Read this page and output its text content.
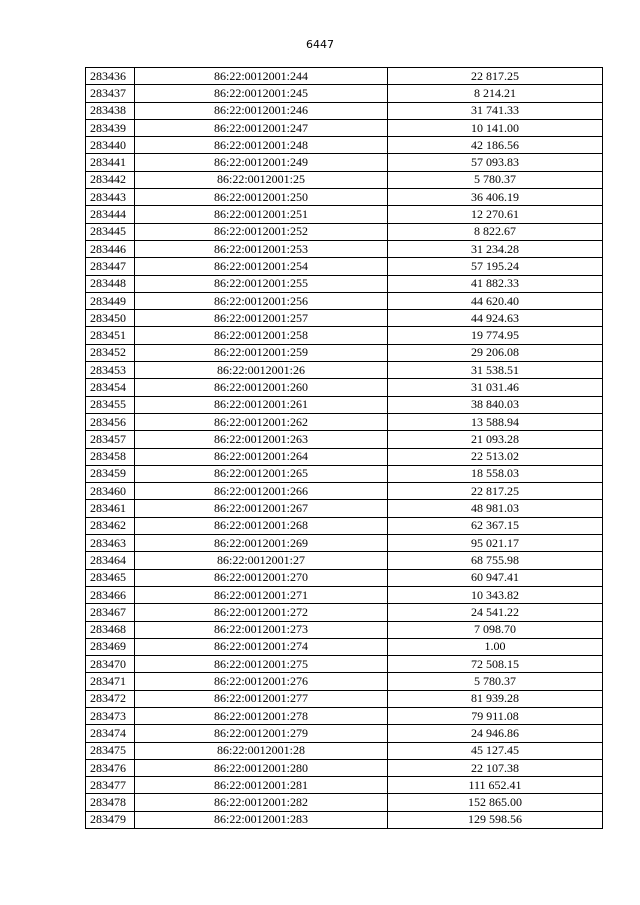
6447
283436	86:22:0012001:244	22 817.25
283437	86:22:0012001:245	8 214.21
283438	86:22:0012001:246	31 741.33
283439	86:22:0012001:247	10 141.00
283440	86:22:0012001:248	42 186.56
283441	86:22:0012001:249	57 093.83
283442	86:22:0012001:25	5 780.37
283443	86:22:0012001:250	36 406.19
283444	86:22:0012001:251	12 270.61
283445	86:22:0012001:252	8 822.67
283446	86:22:0012001:253	31 234.28
283447	86:22:0012001:254	57 195.24
283448	86:22:0012001:255	41 882.33
283449	86:22:0012001:256	44 620.40
283450	86:22:0012001:257	44 924.63
283451	86:22:0012001:258	19 774.95
283452	86:22:0012001:259	29 206.08
283453	86:22:0012001:26	31 538.51
283454	86:22:0012001:260	31 031.46
283455	86:22:0012001:261	38 840.03
283456	86:22:0012001:262	13 588.94
283457	86:22:0012001:263	21 093.28
283458	86:22:0012001:264	22 513.02
283459	86:22:0012001:265	18 558.03
283460	86:22:0012001:266	22 817.25
283461	86:22:0012001:267	48 981.03
283462	86:22:0012001:268	62 367.15
283463	86:22:0012001:269	95 021.17
283464	86:22:0012001:27	68 755.98
283465	86:22:0012001:270	60 947.41
283466	86:22:0012001:271	10 343.82
283467	86:22:0012001:272	24 541.22
283468	86:22:0012001:273	7 098.70
283469	86:22:0012001:274	1.00
283470	86:22:0012001:275	72 508.15
283471	86:22:0012001:276	5 780.37
283472	86:22:0012001:277	81 939.28
283473	86:22:0012001:278	79 911.08
283474	86:22:0012001:279	24 946.86
283475	86:22:0012001:28	45 127.45
283476	86:22:0012001:280	22 107.38
283477	86:22:0012001:281	111 652.41
283478	86:22:0012001:282	152 865.00
283479	86:22:0012001:283	129 598.56
